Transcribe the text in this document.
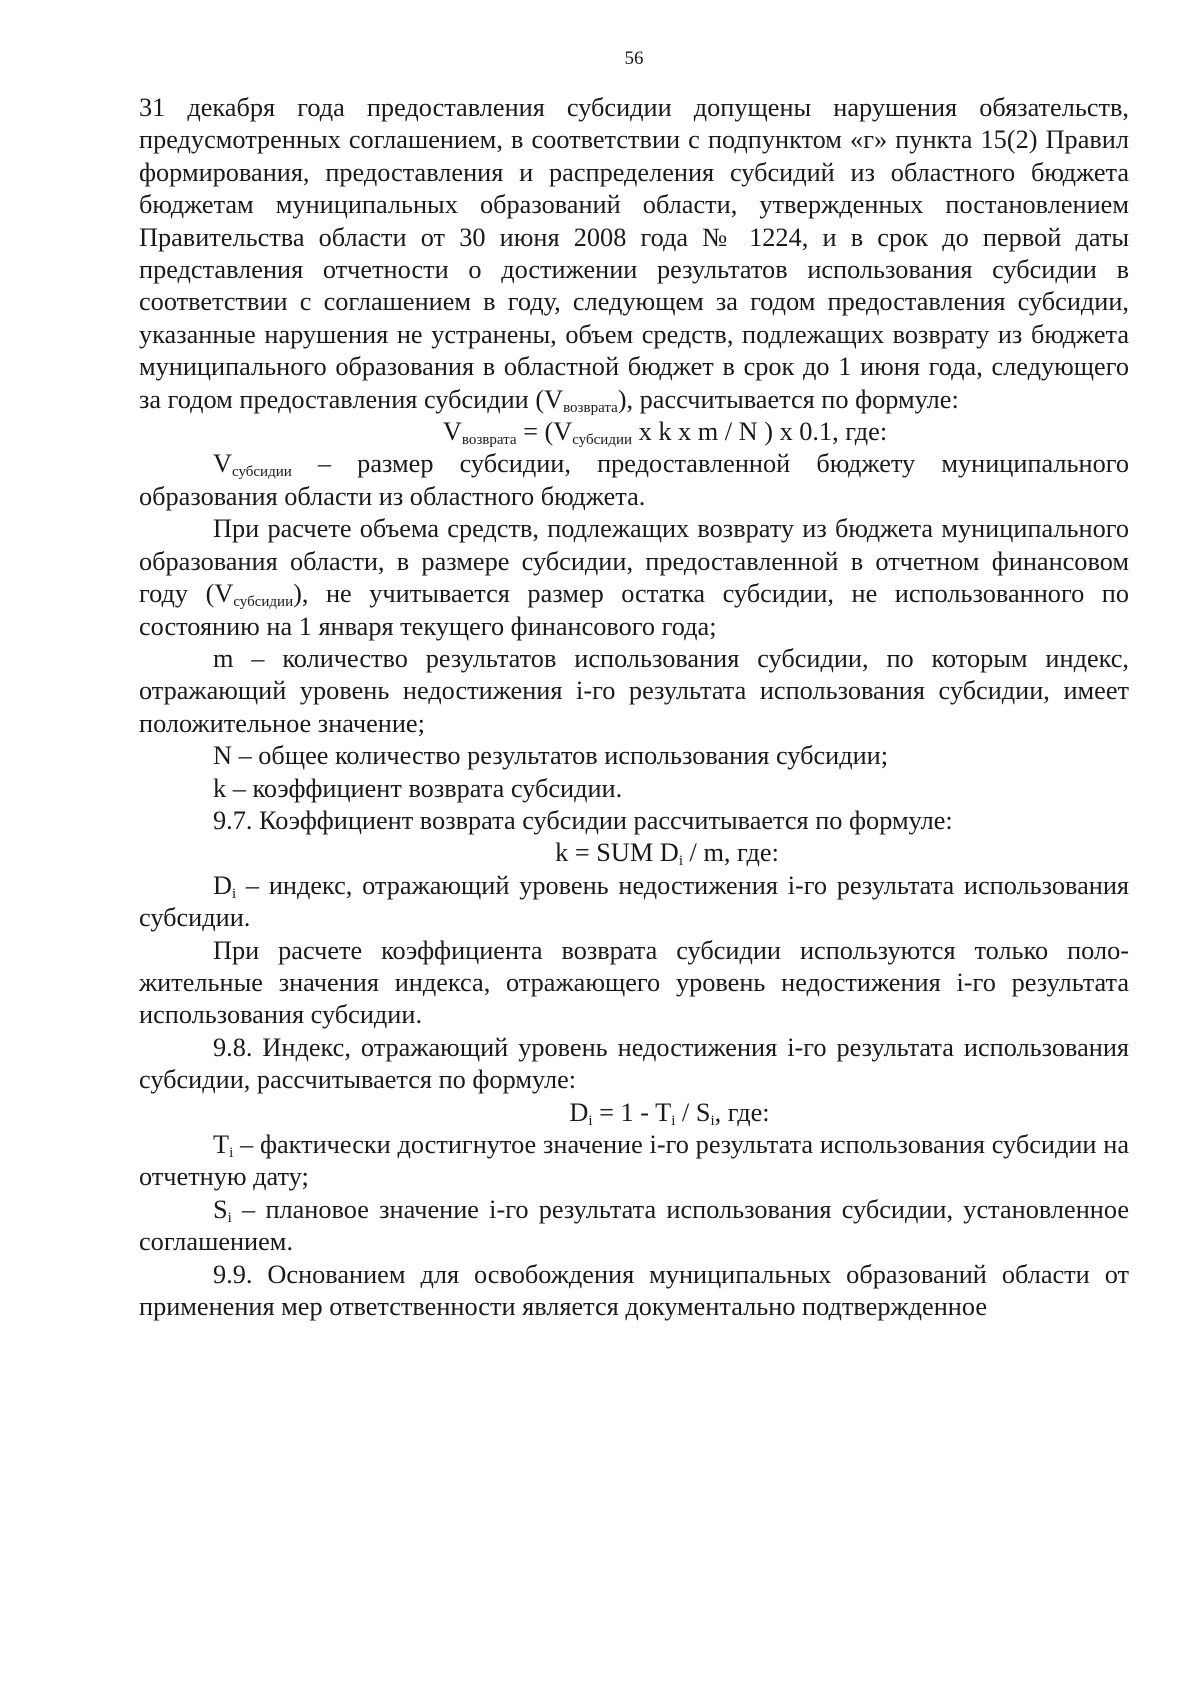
56

31 декабря года предоставления субсидии допущены нарушения обязательств, предусмотренных соглашением, в соответствии с подпунктом «г» пункта 15(2) Правил формирования, предоставления и распределения субсидий из областного бюджета бюджетам муниципальных образований области, утвержденных постановлением Правительства области от 30 июня 2008 года № 1224, и в срок до первой даты представления отчетности о достижении результатов использования субсидии в соответствии с соглашением в году, следующем за годом предоставления субсидии, указанные нарушения не устранены, объем средств, подлежащих возврату из бюджета муниципального образования в областной бюджет в срок до 1 июня года, следующего за годом предоставления субсидии $(V_{возврата})$, рассчитывается по формуле:

$V_{возврата} = (V_{субсидии}$ x k x m / N ) x 0.1, где:

$V_{субсидии}$ – размер субсидии, предоставленной бюджету муниципального образования области из областного бюджета.

При расчете объема средств, подлежащих возврату из бюджета муниципального образования области, в размере субсидии, предоставленной в отчетном финансовом году $(V_{субсидии})$, не учитывается размер остатка субсидии, не использованного по состоянию на 1 января текущего финансового года;

m – количество результатов использования субсидии, по которым индекс, отражающий уровень недостижения i-го результата использования субсидии, имеет положительное значение;

N – общее количество результатов использования субсидии;

k – коэффициент возврата субсидии.

9.7. Коэффициент возврата субсидии рассчитывается по формуле:

k = SUM $D_i$ / m, где:

$D_i$ – индекс, отражающий уровень недостижения i-го результата использования субсидии.

При расчете коэффициента возврата субсидии используются только положительные значения индекса, отражающего уровень недостижения i-го результата использования субсидии.

9.8. Индекс, отражающий уровень недостижения i-го результата использования субсидии, рассчитывается по формуле:

$D_i = 1 - T_i / S_i$, где:

$T_i$ – фактически достигнутое значение i-го результата использования субсидии на отчетную дату;

$S_i$ – плановое значение i-го результата использования субсидии, установленное соглашением.

9.9. Основанием для освобождения муниципальных образований области от применения мер ответственности является документально подтвержденное
